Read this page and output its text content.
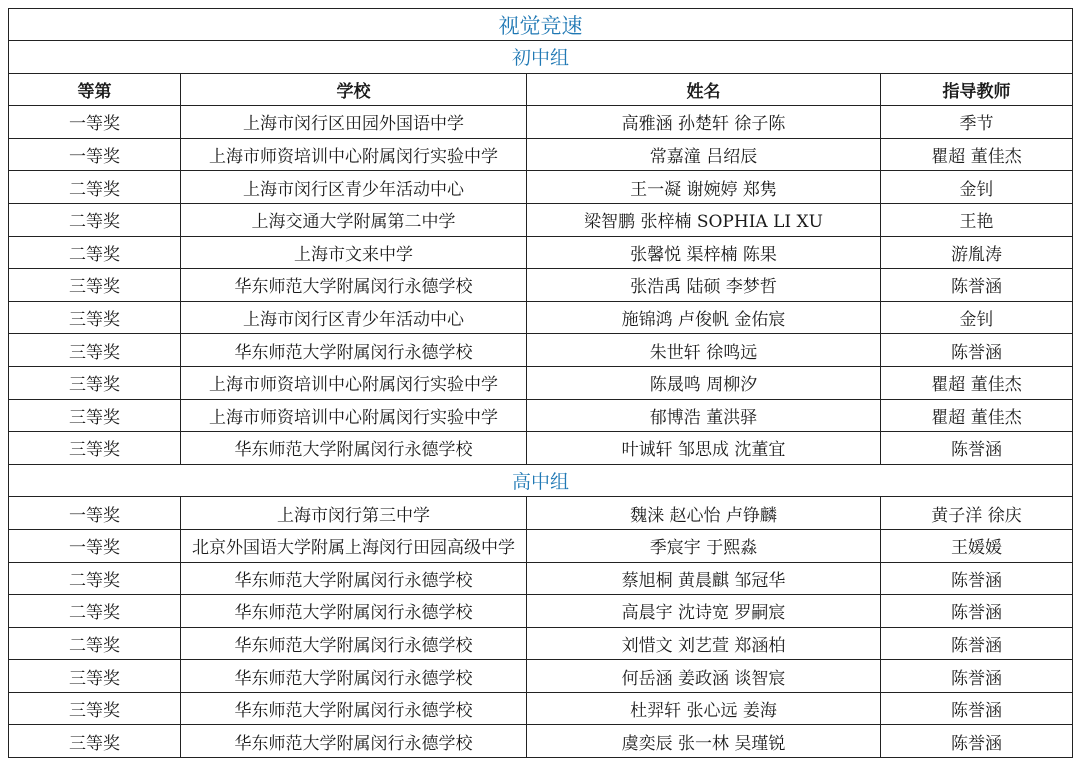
视觉竞速			
初中组			
等第	学校	姓名	指导教师
一等奖	上海市闵行区田园外国语中学	高雅涵 孙楚轩 徐子陈	季节
一等奖	上海市师资培训中心附属闵行实验中学	常嘉潼 吕绍辰	瞿超 董佳杰
二等奖	上海市闵行区青少年活动中心	王一凝 谢婉婷 郑隽	金钊
二等奖	上海交通大学附属第二中学	梁智鹏 张梓楠 SOPHIA LI XU	王艳
二等奖	上海市文来中学	张馨悦 渠梓楠 陈果	游胤涛
三等奖	华东师范大学附属闵行永德学校	张浩禹 陆硕 李梦哲	陈誉涵
三等奖	上海市闵行区青少年活动中心	施锦鸿 卢俊帆 金佑宸	金钊
三等奖	华东师范大学附属闵行永德学校	朱世轩 徐鸣远	陈誉涵
三等奖	上海市师资培训中心附属闵行实验中学	陈晟鸣 周柳汐	瞿超 董佳杰
三等奖	上海市师资培训中心附属闵行实验中学	郁博浩 董洪驿	瞿超 董佳杰
三等奖	华东师范大学附属闵行永德学校	叶诚轩 邹思成 沈董宜	陈誉涵
高中组			
一等奖	上海市闵行第三中学	魏涞 赵心怡 卢铮麟	黄子洋 徐庆
一等奖	北京外国语大学附属上海闵行田园高级中学	季宸宇 于熙淼	王媛媛
二等奖	华东师范大学附属闵行永德学校	蔡旭桐 黄晨麒 邹冠华	陈誉涵
二等奖	华东师范大学附属闵行永德学校	高晨宇 沈诗宽 罗嗣宸	陈誉涵
二等奖	华东师范大学附属闵行永德学校	刘惜文 刘艺萱 郑涵柏	陈誉涵
三等奖	华东师范大学附属闵行永德学校	何岳涵 姜政涵 谈智宸	陈誉涵
三等奖	华东师范大学附属闵行永德学校	杜羿轩 张心远 姜海	陈誉涵
三等奖	华东师范大学附属闵行永德学校	虞奕辰 张一林 吴瑾锐	陈誉涵
